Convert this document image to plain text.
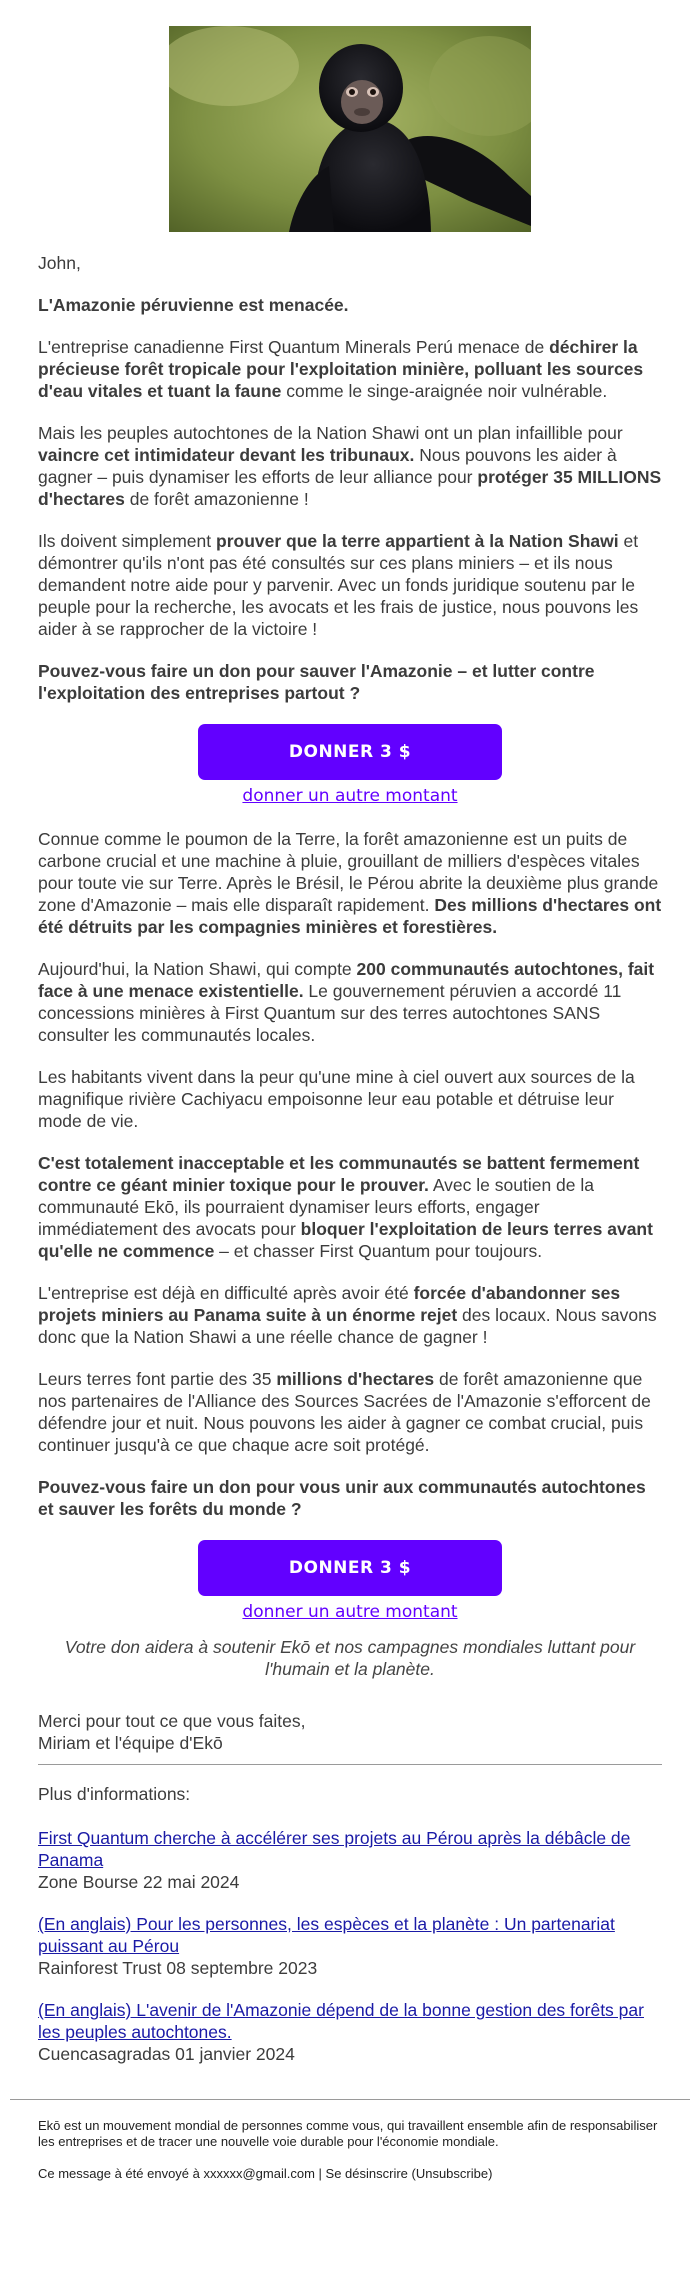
John,

L'Amazonie péruvienne est menacée.

L'entreprise canadienne First Quantum Minerals Perú menace de déchirer la précieuse forêt tropicale pour l'exploitation minière, polluant les sources d'eau vitales et tuant la faune comme le singe-araignée noir vulnérable.

Mais les peuples autochtones de la Nation Shawi ont un plan infaillible pour vaincre cet intimidateur devant les tribunaux. Nous pouvons les aider à gagner – puis dynamiser les efforts de leur alliance pour protéger 35 MILLIONS d'hectares de forêt amazonienne !

Ils doivent simplement prouver que la terre appartient à la Nation Shawi et démontrer qu'ils n'ont pas été consultés sur ces plans miniers – et ils nous demandent notre aide pour y parvenir. Avec un fonds juridique soutenu par le peuple pour la recherche, les avocats et les frais de justice, nous pouvons les aider à se rapprocher de la victoire !

Pouvez-vous faire un don pour sauver l'Amazonie – et lutter contre l'exploitation des entreprises partout ?

DONNER 3 $
donner un autre montant

Connue comme le poumon de la Terre, la forêt amazonienne est un puits de carbone crucial et une machine à pluie, grouillant de milliers d'espèces vitales pour toute vie sur Terre. Après le Brésil, le Pérou abrite la deuxième plus grande zone d'Amazonie – mais elle disparaît rapidement. Des millions d'hectares ont été détruits par les compagnies minières et forestières.

Aujourd'hui, la Nation Shawi, qui compte 200 communautés autochtones, fait face à une menace existentielle. Le gouvernement péruvien a accordé 11 concessions minières à First Quantum sur des terres autochtones SANS consulter les communautés locales.

Les habitants vivent dans la peur qu'une mine à ciel ouvert aux sources de la magnifique rivière Cachiyacu empoisonne leur eau potable et détruise leur mode de vie.

C'est totalement inacceptable et les communautés se battent fermement contre ce géant minier toxique pour le prouver. Avec le soutien de la communauté Ekō, ils pourraient dynamiser leurs efforts, engager immédiatement des avocats pour bloquer l'exploitation de leurs terres avant qu'elle ne commence – et chasser First Quantum pour toujours.

L'entreprise est déjà en difficulté après avoir été forcée d'abandonner ses projets miniers au Panama suite à un énorme rejet des locaux. Nous savons donc que la Nation Shawi a une réelle chance de gagner !

Leurs terres font partie des 35 millions d'hectares de forêt amazonienne que nos partenaires de l'Alliance des Sources Sacrées de l'Amazonie s'efforcent de défendre jour et nuit. Nous pouvons les aider à gagner ce combat crucial, puis continuer jusqu'à ce que chaque acre soit protégé.

Pouvez-vous faire un don pour vous unir aux communautés autochtones et sauver les forêts du monde ?

DONNER 3 $
donner un autre montant

Votre don aidera à soutenir Ekō et nos campagnes mondiales luttant pour l'humain et la planète.

Merci pour tout ce que vous faites,
Miriam et l'équipe d'Ekō

Plus d'informations:

First Quantum cherche à accélérer ses projets au Pérou après la débâcle de Panama
Zone Bourse 22 mai 2024
(En anglais) Pour les personnes, les espèces et la planète : Un partenariat puissant au Pérou
Rainforest Trust 08 septembre 2023
(En anglais) L'avenir de l'Amazonie dépend de la bonne gestion des forêts par les peuples autochtones.
Cuencasagradas 01 janvier 2024

Ekō est un mouvement mondial de personnes comme vous, qui travaillent ensemble afin de responsabiliser les entreprises et de tracer une nouvelle voie durable pour l'économie mondiale.

Ce message à été envoyé à xxxxxx@gmail.com | Se désinscrire (Unsubscribe)
